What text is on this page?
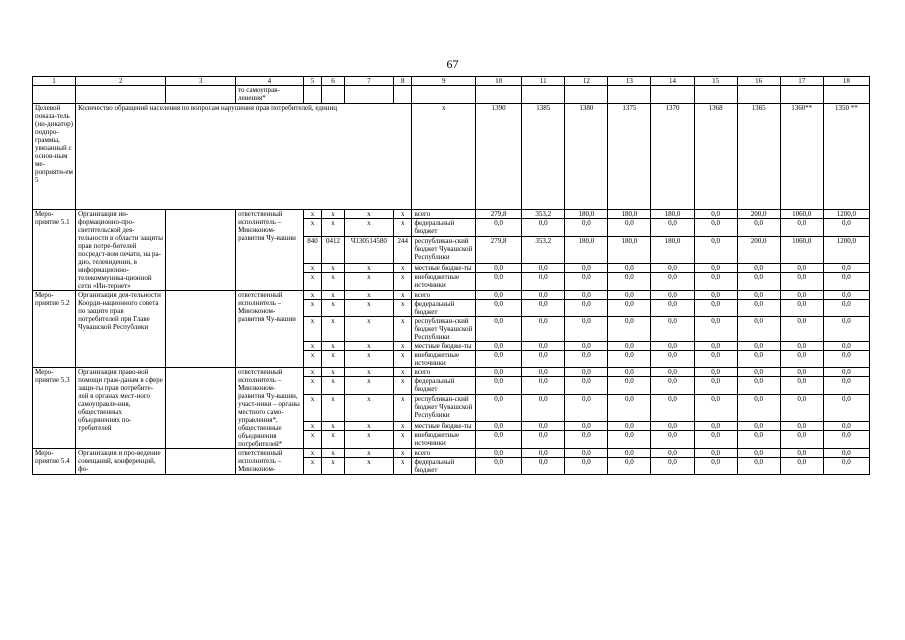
67
1	2	3	4	5	6	7	8	9	10	11	12	13	14	15	16	17	18
			то самоуправ-ленения*														
Целевой показа-тель (ин-дикатор) подпро-граммы, увязанный с основ-ным ме-роприяти-ем 5	Количество обращений населения по вопросам нарушения прав потребителей, единиц							x	1390	1385	1380	1375	1370	1368	1365	1360**	1350 **
Меро-приятие 5.1	Организация ин-формационно-про-светительской дея-тельности в области защиты прав потре-бителей посредст-вом печати, на ра-дио, телевидении, в информационно-телекоммуника-ционной сети «Ин-тернет»		ответственный исполнитель – Минэконом-развития Чу-вашии	x	x	x	x	всего	279,8	353,2	180,0	180,0	180,0	0,0	200,0	1060,0	1200,0
				x	x	x	x	федеральный бюджет	0,0	0,0	0,0	0,0	0,0	0,0	0,0	0,0	0,0
				840	0412	Ч130514580	244	республикан-ский бюджет Чувашской Республики	279,8	353,2	180,0	180,0	180,0	0,0	200,0	1060,0	1200,0
				x	x	x	x	местные бюдже-ты	0,0	0,0	0,0	0,0	0,0	0,0	0,0	0,0	0,0
				x	x	x	x	внебюджетные источники	0,0	0,0	0,0	0,0	0,0	0,0	0,0	0,0	0,0
Меро-приятие 5.2	Организация дея-тельности Коорди-национного совета по защите прав потребителей при Главе Чувашской Республики		ответственный исполнитель – Минэконом-развития Чу-вашии	x	x	x	x	всего	0,0	0,0	0,0	0,0	0,0	0,0	0,0	0,0	0,0
				x	x	x	x	федеральный бюджет	0,0	0,0	0,0	0,0	0,0	0,0	0,0	0,0	0,0
				x	x	x	x	республикан-ский бюджет Чувашской Республики	0,0	0,0	0,0	0,0	0,0	0,0	0,0	0,0	0,0
				x	x	x	x	местные бюдже-ты	0,0	0,0	0,0	0,0	0,0	0,0	0,0	0,0	0,0
				x	x	x	x	внебюджетные источники	0,0	0,0	0,0	0,0	0,0	0,0	0,0	0,0	0,0
Меро-приятие 5.3	Организация право-вой помощи граж-данам в сфере защи-ты прав потребите-лей в органах мест-ного самоуправле-ния, общественных объединениях по-требителей		ответственный исполнитель – Минэконом-развития Чу-вашии, участ-ники – органы местного само-управления*, общественные объединения потребителей*	x	x	x	x	всего	0,0	0,0	0,0	0,0	0,0	0,0	0,0	0,0	0,0
				x	x	x	x	федеральный бюджет	0,0	0,0	0,0	0,0	0,0	0,0	0,0	0,0	0,0
				x	x	x	x	республикан-ский бюджет Чувашской Республики	0,0	0,0	0,0	0,0	0,0	0,0	0,0	0,0	0,0
				x	x	x	x	местные бюдже-ты	0,0	0,0	0,0	0,0	0,0	0,0	0,0	0,0	0,0
				x	x	x	x	внебюджетные источники	0,0	0,0	0,0	0,0	0,0	0,0	0,0	0,0	0,0
Меро-приятие 5.4	Организация и про-ведение совещаний, конференций, фо-		ответственный исполнитель – Минэконом-	x	x	x	x	всего	0,0	0,0	0,0	0,0	0,0	0,0	0,0	0,0	0,0
				x	x	x	x	федеральный бюджет	0,0	0,0	0,0	0,0	0,0	0,0	0,0	0,0	0,0
